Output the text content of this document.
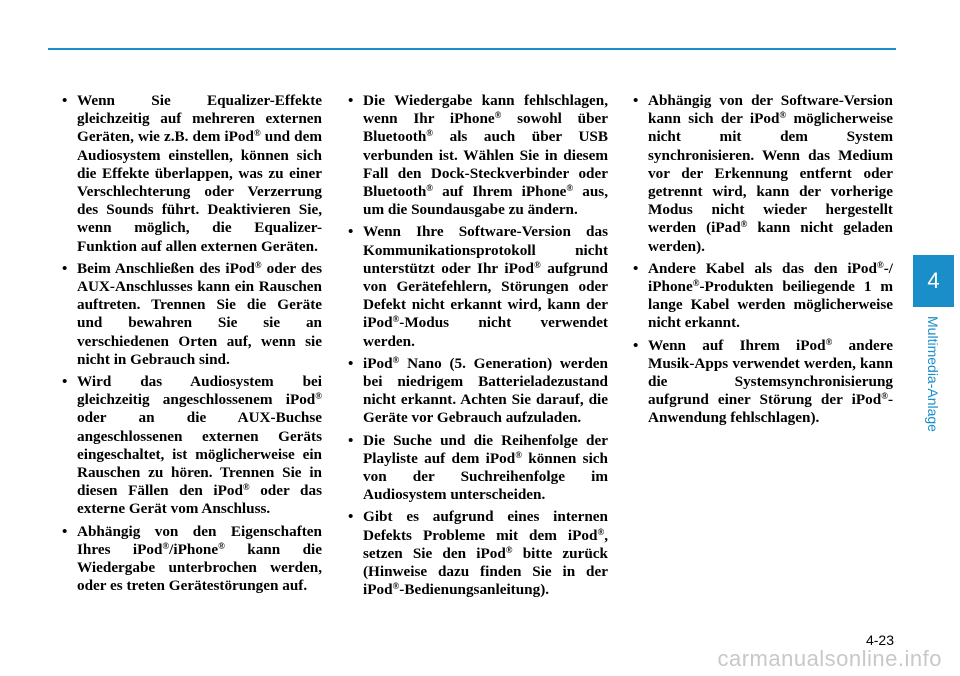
• Wenn Sie Equalizer-Effekte gleichzeitig auf mehreren externen Geräten, wie z.B. dem iPod® und dem Audiosystem einstellen, können sich die Effekte überlappen, was zu einer Verschlechterung oder Verzerrung des Sounds führt. Deaktivieren Sie, wenn möglich, die Equalizer-Funktion auf allen externen Geräten.
• Beim Anschließen des iPod® oder des AUX-Anschlusses kann ein Rauschen auftreten. Trennen Sie die Geräte und bewahren Sie sie an verschiedenen Orten auf, wenn sie nicht in Gebrauch sind.
• Wird das Audiosystem bei gleichzeitig angeschlossenem iPod® oder an die AUX-Buchse angeschlossenen externen Geräts eingeschaltet, ist möglicherweise ein Rauschen zu hören. Trennen Sie in diesen Fällen den iPod® oder das externe Gerät vom Anschluss.
• Abhängig von den Eigenschaften Ihres iPod®/iPhone® kann die Wiedergabe unterbrochen werden, oder es treten Gerätestörungen auf.
• Die Wiedergabe kann fehlschlagen, wenn Ihr iPhone® sowohl über Bluetooth® als auch über USB verbunden ist. Wählen Sie in diesem Fall den Dock-Steckverbinder oder Bluetooth® auf Ihrem iPhone® aus, um die Soundausgabe zu ändern.
• Wenn Ihre Software-Version das Kommunikationsprotokoll nicht unterstützt oder Ihr iPod® aufgrund von Gerätefehlern, Störungen oder Defekt nicht erkannt wird, kann der iPod®-Modus nicht verwendet werden.
• iPod® Nano (5. Generation) werden bei niedrigem Batterieladezustand nicht erkannt. Achten Sie darauf, die Geräte vor Gebrauch aufzuladen.
• Die Suche und die Reihenfolge der Playliste auf dem iPod® können sich von der Suchreihenfolge im Audiosystem unterscheiden.
• Gibt es aufgrund eines internen Defekts Probleme mit dem iPod®, setzen Sie den iPod® bitte zurück (Hinweise dazu finden Sie in der iPod®-Bedienungsanleitung).
• Abhängig von der Software-Version kann sich der iPod® möglicherweise nicht mit dem System synchronisieren. Wenn das Medium vor der Erkennung entfernt oder getrennt wird, kann der vorherige Modus nicht wieder hergestellt werden (iPad® kann nicht geladen werden).
• Andere Kabel als das den iPod®-/ iPhone®-Produkten beiliegende 1 m lange Kabel werden möglicherweise nicht erkannt.
• Wenn auf Ihrem iPod® andere Musik-Apps verwendet werden, kann die Systemsynchronisierung aufgrund einer Störung der iPod®-Anwendung fehlschlagen).
4
Multimedia-Anlage
4-23
carmanualsonline.info
